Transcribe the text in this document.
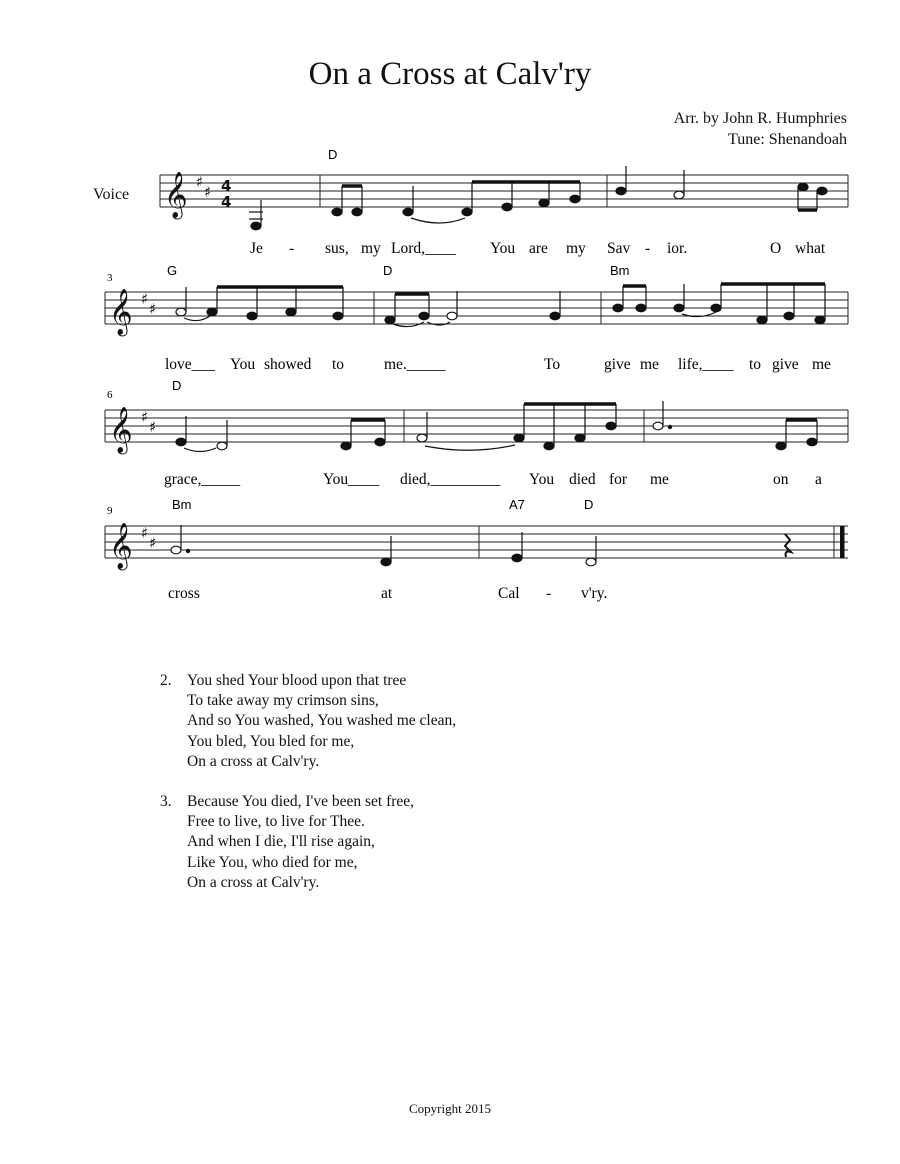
On a Cross at Calv'ry
Arr. by John R. Humphries
Tune: Shenandoah
Voice 𝄞 ♯
♯ 4
4
𝄞 ♯
♯
𝄞 ♯
♯
𝄞 ♯
♯
D
G	D	Bm
D
Bm	A7	D
3
6
9
Je - sus, my Lord,____ You are my Sav - ior.	O what
love___ You showed to	me._____	To	give me life,____ to give me
grace,_____	You____ died,_________ You died for me	on a
cross	at	Cal - v'ry.
2. You shed Your blood upon that tree
To take away my crimson sins,
And so You washed, You washed me clean,
You bled, You bled for me,
On a cross at Calv'ry.
3. Because You died, I've been set free,
Free to live, to live for Thee.
And when I die, I'll rise again,
Like You, who died for me,
On a cross at Calv'ry.
Copyright 2015
